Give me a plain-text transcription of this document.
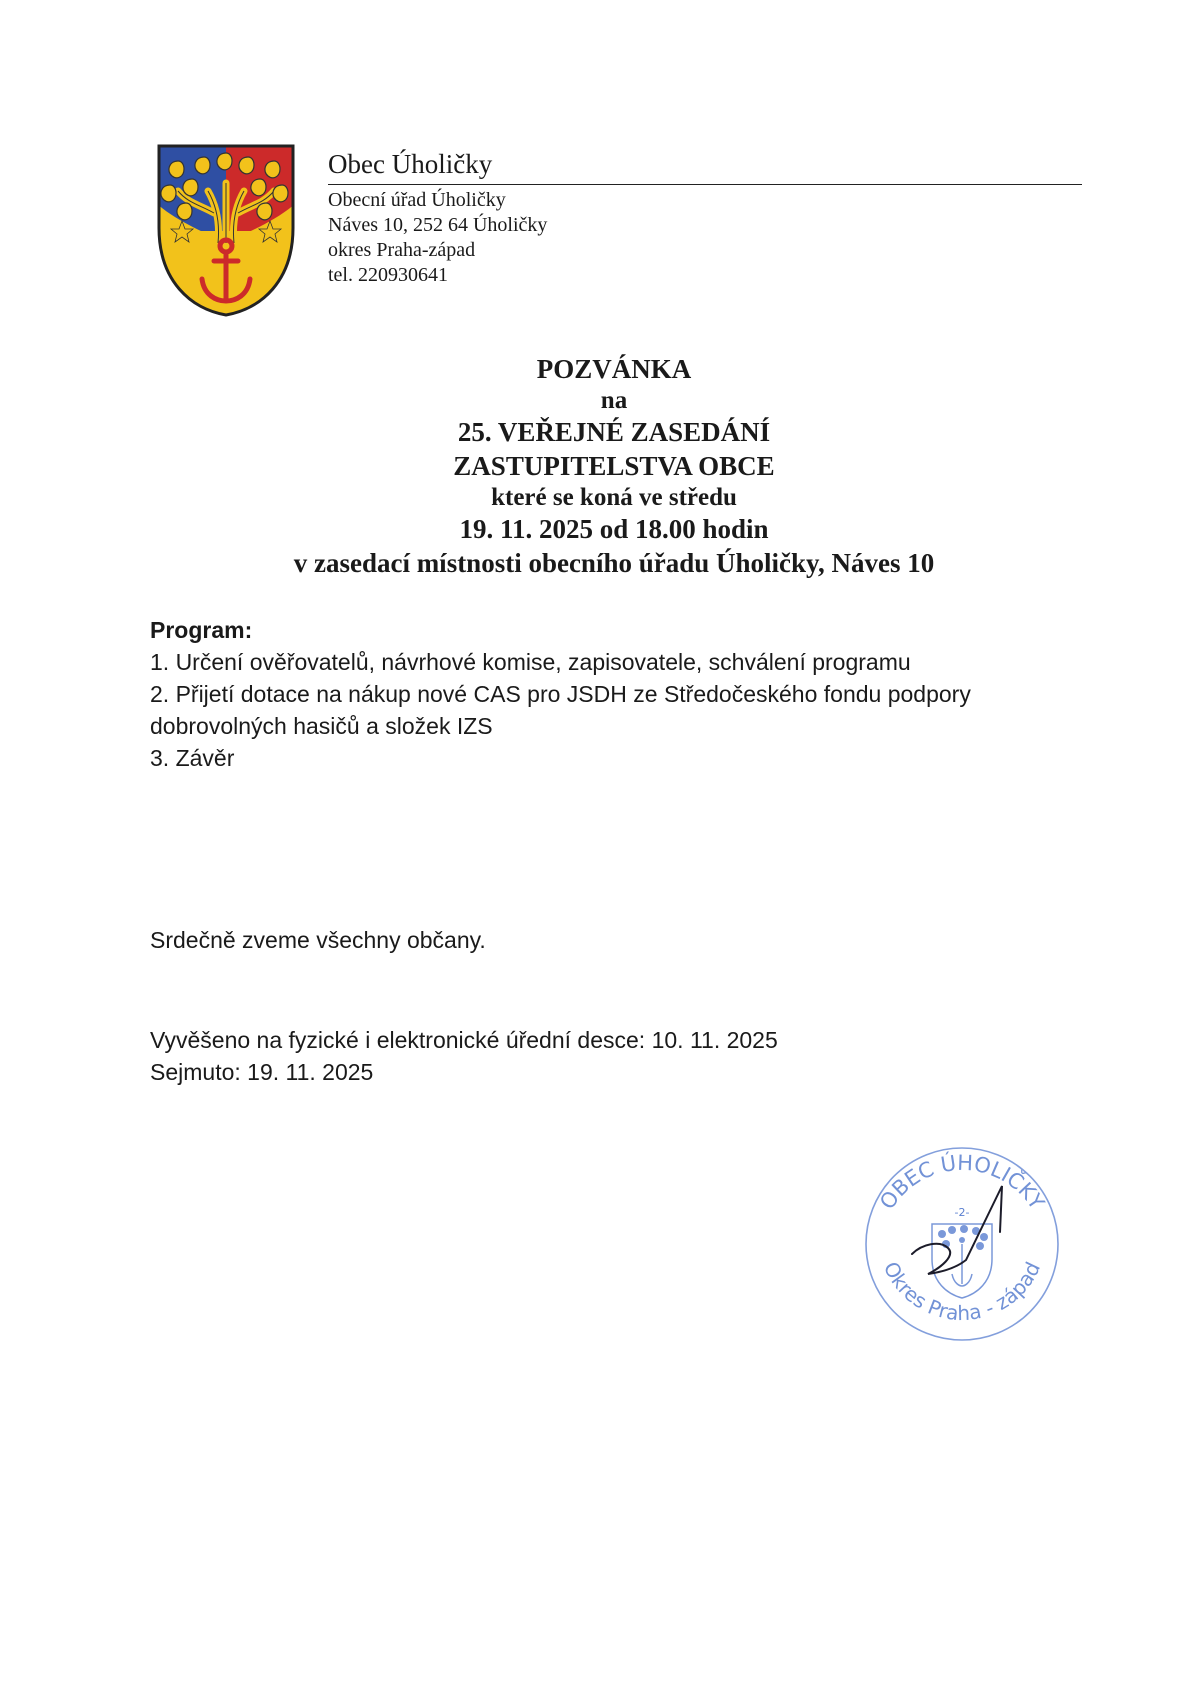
Obec Úholičky
Obecní úřad Úholičky
Náves 10, 252 64 Úholičky
okres Praha-západ
tel. 220930641
POZVÁNKA
na
25. VEŘEJNÉ ZASEDÁNÍ
ZASTUPITELSTVA OBCE
které se koná ve středu
19. 11. 2025 od 18.00 hodin
v zasedací místnosti obecního úřadu Úholičky, Náves 10
Program:
1. Určení ověřovatelů, návrhové komise, zapisovatele, schválení programu
2. Přijetí dotace na nákup nové CAS pro JSDH ze Středočeského fondu podpory
dobrovolných hasičů a složek IZS
3. Závěr
Srdečně zveme všechny občany.
Vyvěšeno na fyzické i elektronické úřední desce: 10. 11. 2025
Sejmuto: 19. 11. 2025
OBEC ÚHOLIČKY
Okres Praha - západ
-2-
